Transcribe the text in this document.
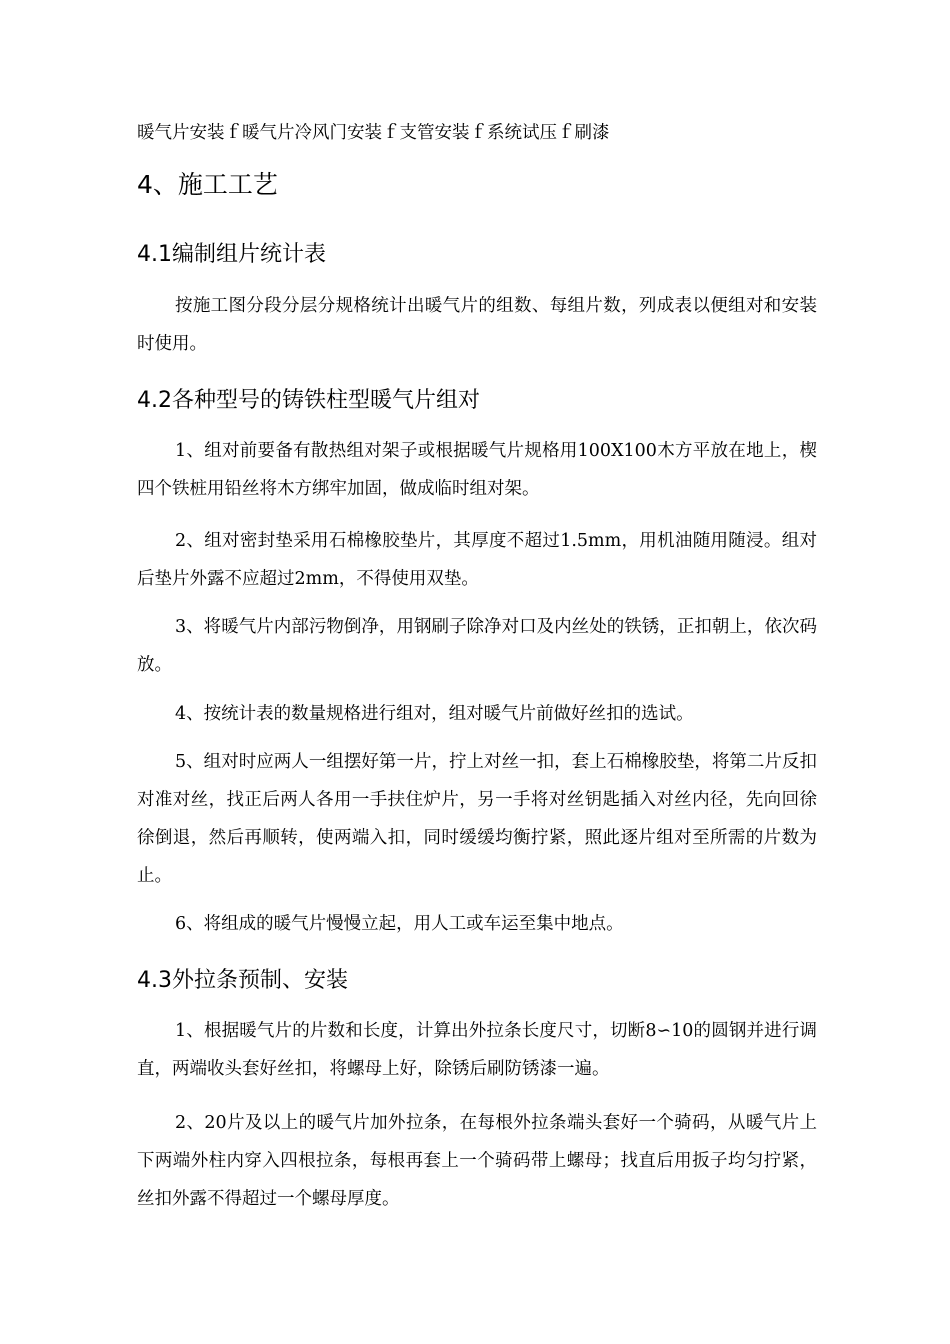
暖气片安装ｆ暖气片冷风门安装ｆ支管安装ｆ系统试压ｆ刷漆
4、施工工艺
4.1编制组片统计表
按施工图分段分层分规格统计出暖气片的组数、每组片数，列成表以便组对和安装时使用。
4.2各种型号的铸铁柱型暖气片组对
1、组对前要备有散热组对架子或根据暖气片规格用100X100木方平放在地上，楔四个铁桩用铅丝将木方绑牢加固，做成临时组对架。
2、组对密封垫采用石棉橡胶垫片，其厚度不超过1.5mm，用机油随用随浸。组对后垫片外露不应超过2mm，不得使用双垫。
3、将暖气片内部污物倒净，用钢刷子除净对口及内丝处的铁锈，正扣朝上，依次码放。
4、按统计表的数量规格进行组对，组对暖气片前做好丝扣的选试。
5、组对时应两人一组摆好第一片，拧上对丝一扣，套上石棉橡胶垫，将第二片反扣对准对丝，找正后两人各用一手扶住炉片，另一手将对丝钥匙插入对丝内径，先向回徐徐倒退，然后再顺转，使两端入扣，同时缓缓均衡拧紧，照此逐片组对至所需的片数为止。
6、将组成的暖气片慢慢立起，用人工或车运至集中地点。
4.3外拉条预制、安装
1、根据暖气片的片数和长度，计算出外拉条长度尺寸，切断8∽10的圆钢并进行调直，两端收头套好丝扣，将螺母上好，除锈后刷防锈漆一遍。
2、20片及以上的暖气片加外拉条，在每根外拉条端头套好一个骑码，从暖气片上下两端外柱内穿入四根拉条，每根再套上一个骑码带上螺母；找直后用扳子均匀拧紧，丝扣外露不得超过一个螺母厚度。
